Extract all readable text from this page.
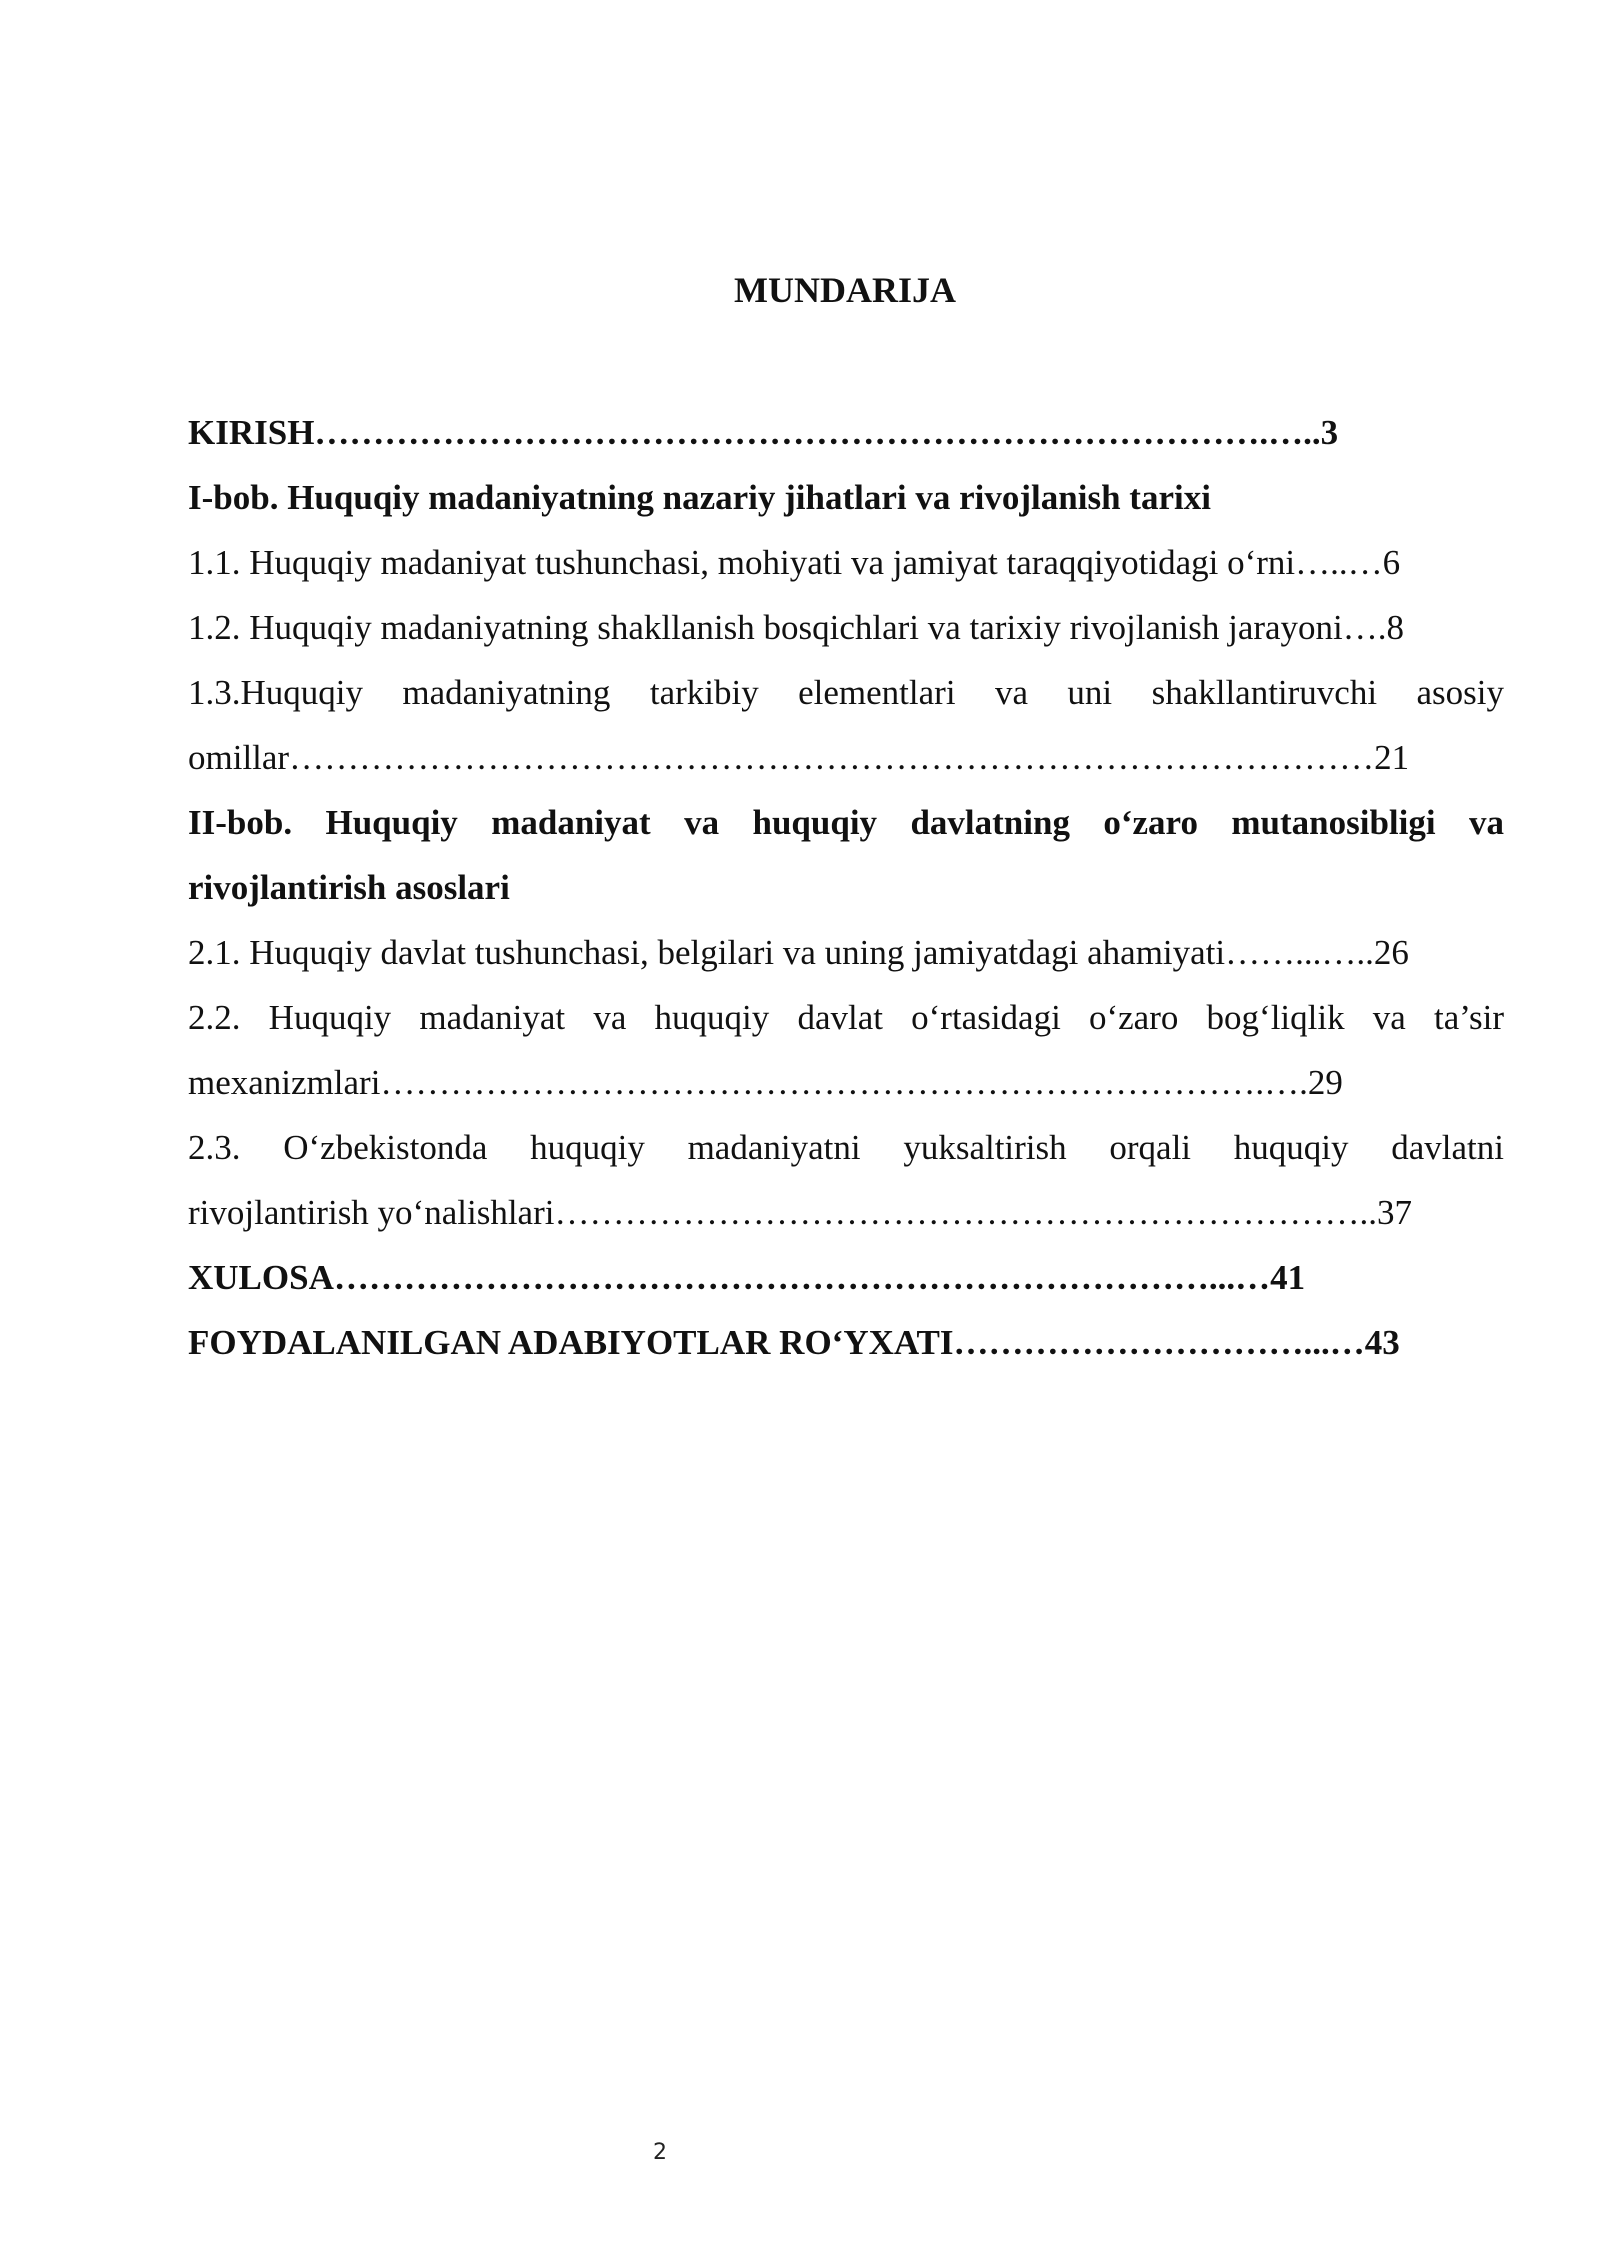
MUNDARIJA
KIRISH……………………………………………………………………….…..3
I-bob. Huquqiy madaniyatning nazariy jihatlari va rivojlanish tarixi
1.1. Huquqiy madaniyat tushunchasi, mohiyati va jamiyat taraqqiyotidagi o‘rni…..…6
1.2. Huquqiy madaniyatning shakllanish bosqichlari va tarixiy rivojlanish jarayoni….8
1.3.Huquqiy madaniyatning tarkibiy elementlari va uni shakllantiruvchi asosiy
omillar…………………………………………………………………………………21
II-bob. Huquqiy madaniyat va huquqiy davlatning o‘zaro mutanosibligi va
rivojlantirish asoslari
2.1. Huquqiy davlat tushunchasi, belgilari va uning jamiyatdagi ahamiyati……...…..26
2.2. Huquqiy madaniyat va huquqiy davlat o‘rtasidagi o‘zaro bog‘liqlik va ta’sir
mexanizmlari………………………………………………………………….….29
2.3. O‘zbekistonda huquqiy madaniyatni yuksaltirish orqali huquqiy davlatni
rivojlantirish yo‘nalishlari……………………………………………………………..37
XULOSA…………………………………………………………………...…41
FOYDALANILGAN ADABIYOTLAR RO‘YXATI…………………………...…43
2
